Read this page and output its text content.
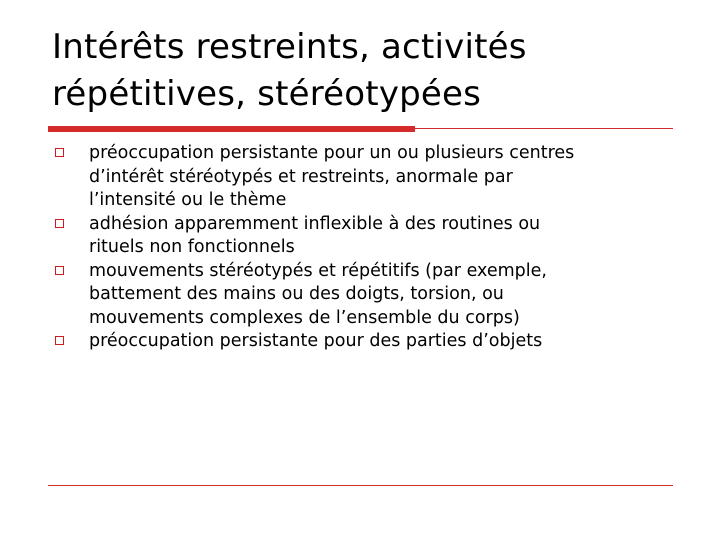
Intérêts restreints, activités
répétitives, stéréotypées
préoccupation persistante pour un ou plusieurs centres
d’intérêt stéréotypés et restreints, anormale par
l’intensité ou le thème
adhésion apparemment inflexible à des routines ou
rituels non fonctionnels
mouvements stéréotypés et répétitifs (par exemple,
battement des mains ou des doigts, torsion, ou
mouvements complexes de l’ensemble du corps)
préoccupation persistante pour des parties d’objets
